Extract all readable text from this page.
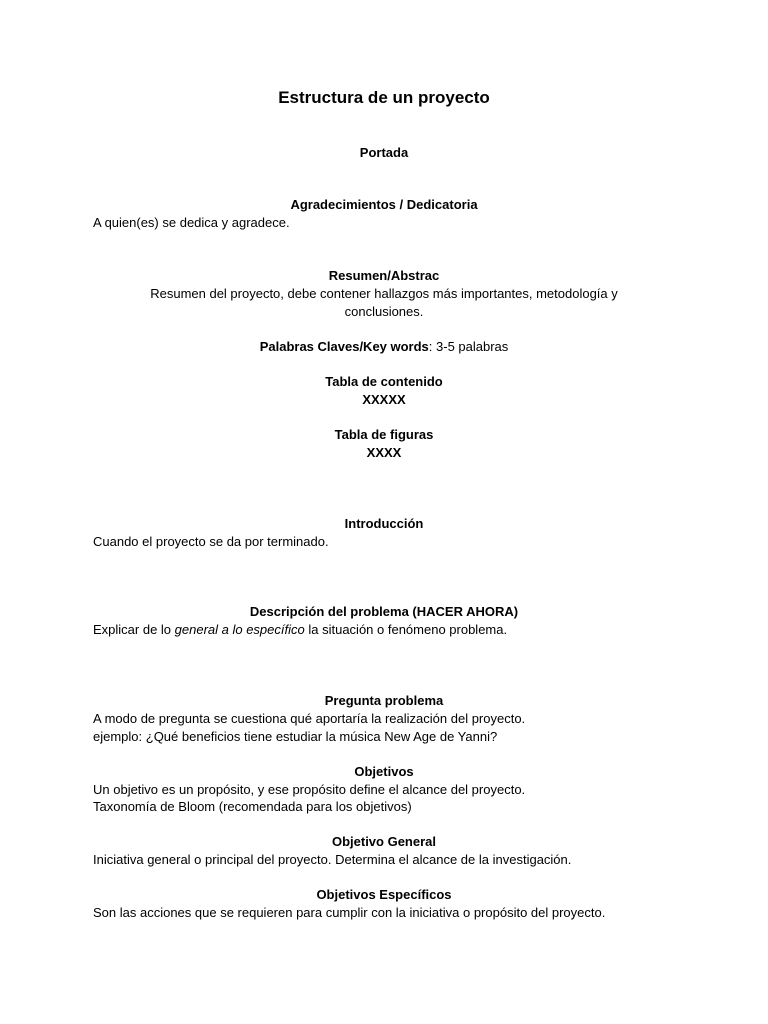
Estructura de un proyecto
Portada
Agradecimientos / Dedicatoria
A quien(es) se dedica y agradece.
Resumen/Abstrac
Resumen del proyecto, debe contener hallazgos más importantes, metodología y
conclusiones.
Palabras Claves/Key words: 3-5 palabras
Tabla de contenido
XXXXX
Tabla de figuras
XXXX
Introducción
Cuando el proyecto se da por terminado.
Descripción del problema (HACER AHORA)
Explicar de lo general a lo específico la situación o fenómeno problema.
Pregunta problema
A modo de pregunta se cuestiona qué aportaría la realización del proyecto.
ejemplo: ¿Qué beneficios tiene estudiar la música New Age de Yanni?
Objetivos
Un objetivo es un propósito, y ese propósito define el alcance del proyecto.
Taxonomía de Bloom (recomendada para los objetivos)
Objetivo General
Iniciativa general o principal del proyecto. Determina el alcance de la investigación.
Objetivos Específicos
Son las acciones que se requieren para cumplir con la iniciativa o propósito del proyecto.
